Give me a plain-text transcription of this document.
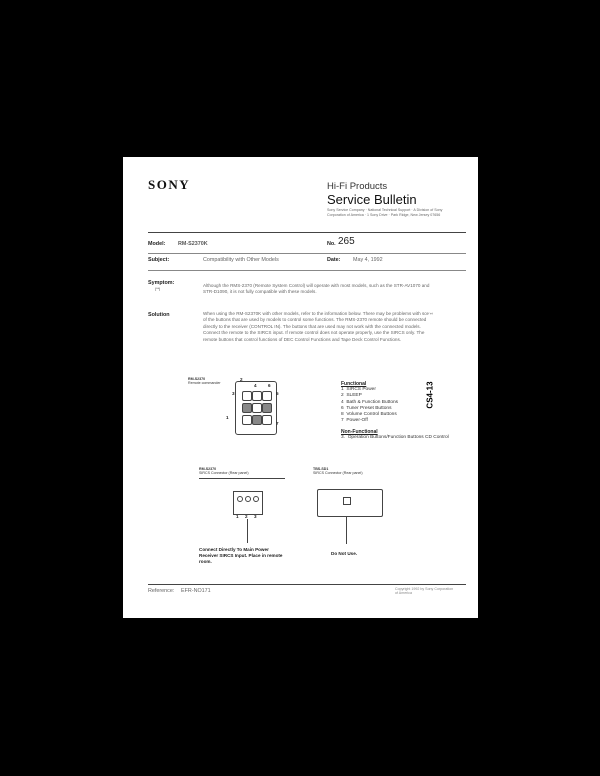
SONY	Hi-Fi Products
Service Bulletin
Sony Service Company · National Technical Support · A Division of Sony Corporation of America · 1 Sony Drive · Park Ridge, New Jersey 07656
Model: RM-S2370K	No. 265
Subject:	Compatibility with Other Models	Date: May 4, 1992
Symptom:
(**)
Although the RMS-2370 (Remote System Control) will operate with most models, such as the STR-AV1070 and STR-D1090, it is not fully compatible with these models.
Solution	When using the RM-S2370K with other models, refer to the information below. There may be problems with some of the buttons that are used by models to control some functions. The RMS-2370 remote should be connected directly to the receiver (CONTROL IN). The buttons that are used may not work with the connected models. Connect the remote to the SIRCS input. If remote control does not operate properly, use the SIRCS only. The remote buttons that control functions of DEC Control Functions and Tape Deck Control Functions.
RM-S2370
Remote commander
2
4 6
3	5
7
1
Functional
1 SIRCS Power
2 SLEEP
4 Bath & Function Buttons
6 Tuner Preset Buttons
8 Volume Control Buttons
7 Power-Off
Non-Functional
3. Operation Buttons/Function Buttons CD Control
RM-S2370
SIRCS Connector (Rear panel)
1 2 3
TBS-SD1
SIRCS Connector (Rear panel)
Connect Directly To Main Power Receiver SIRCS Input. Place in remote room.
Do Not Use.
Reference: EFR-NO171	Copyright 1992 by Sony Corporation of America
Miscellaneous
CS4-13
